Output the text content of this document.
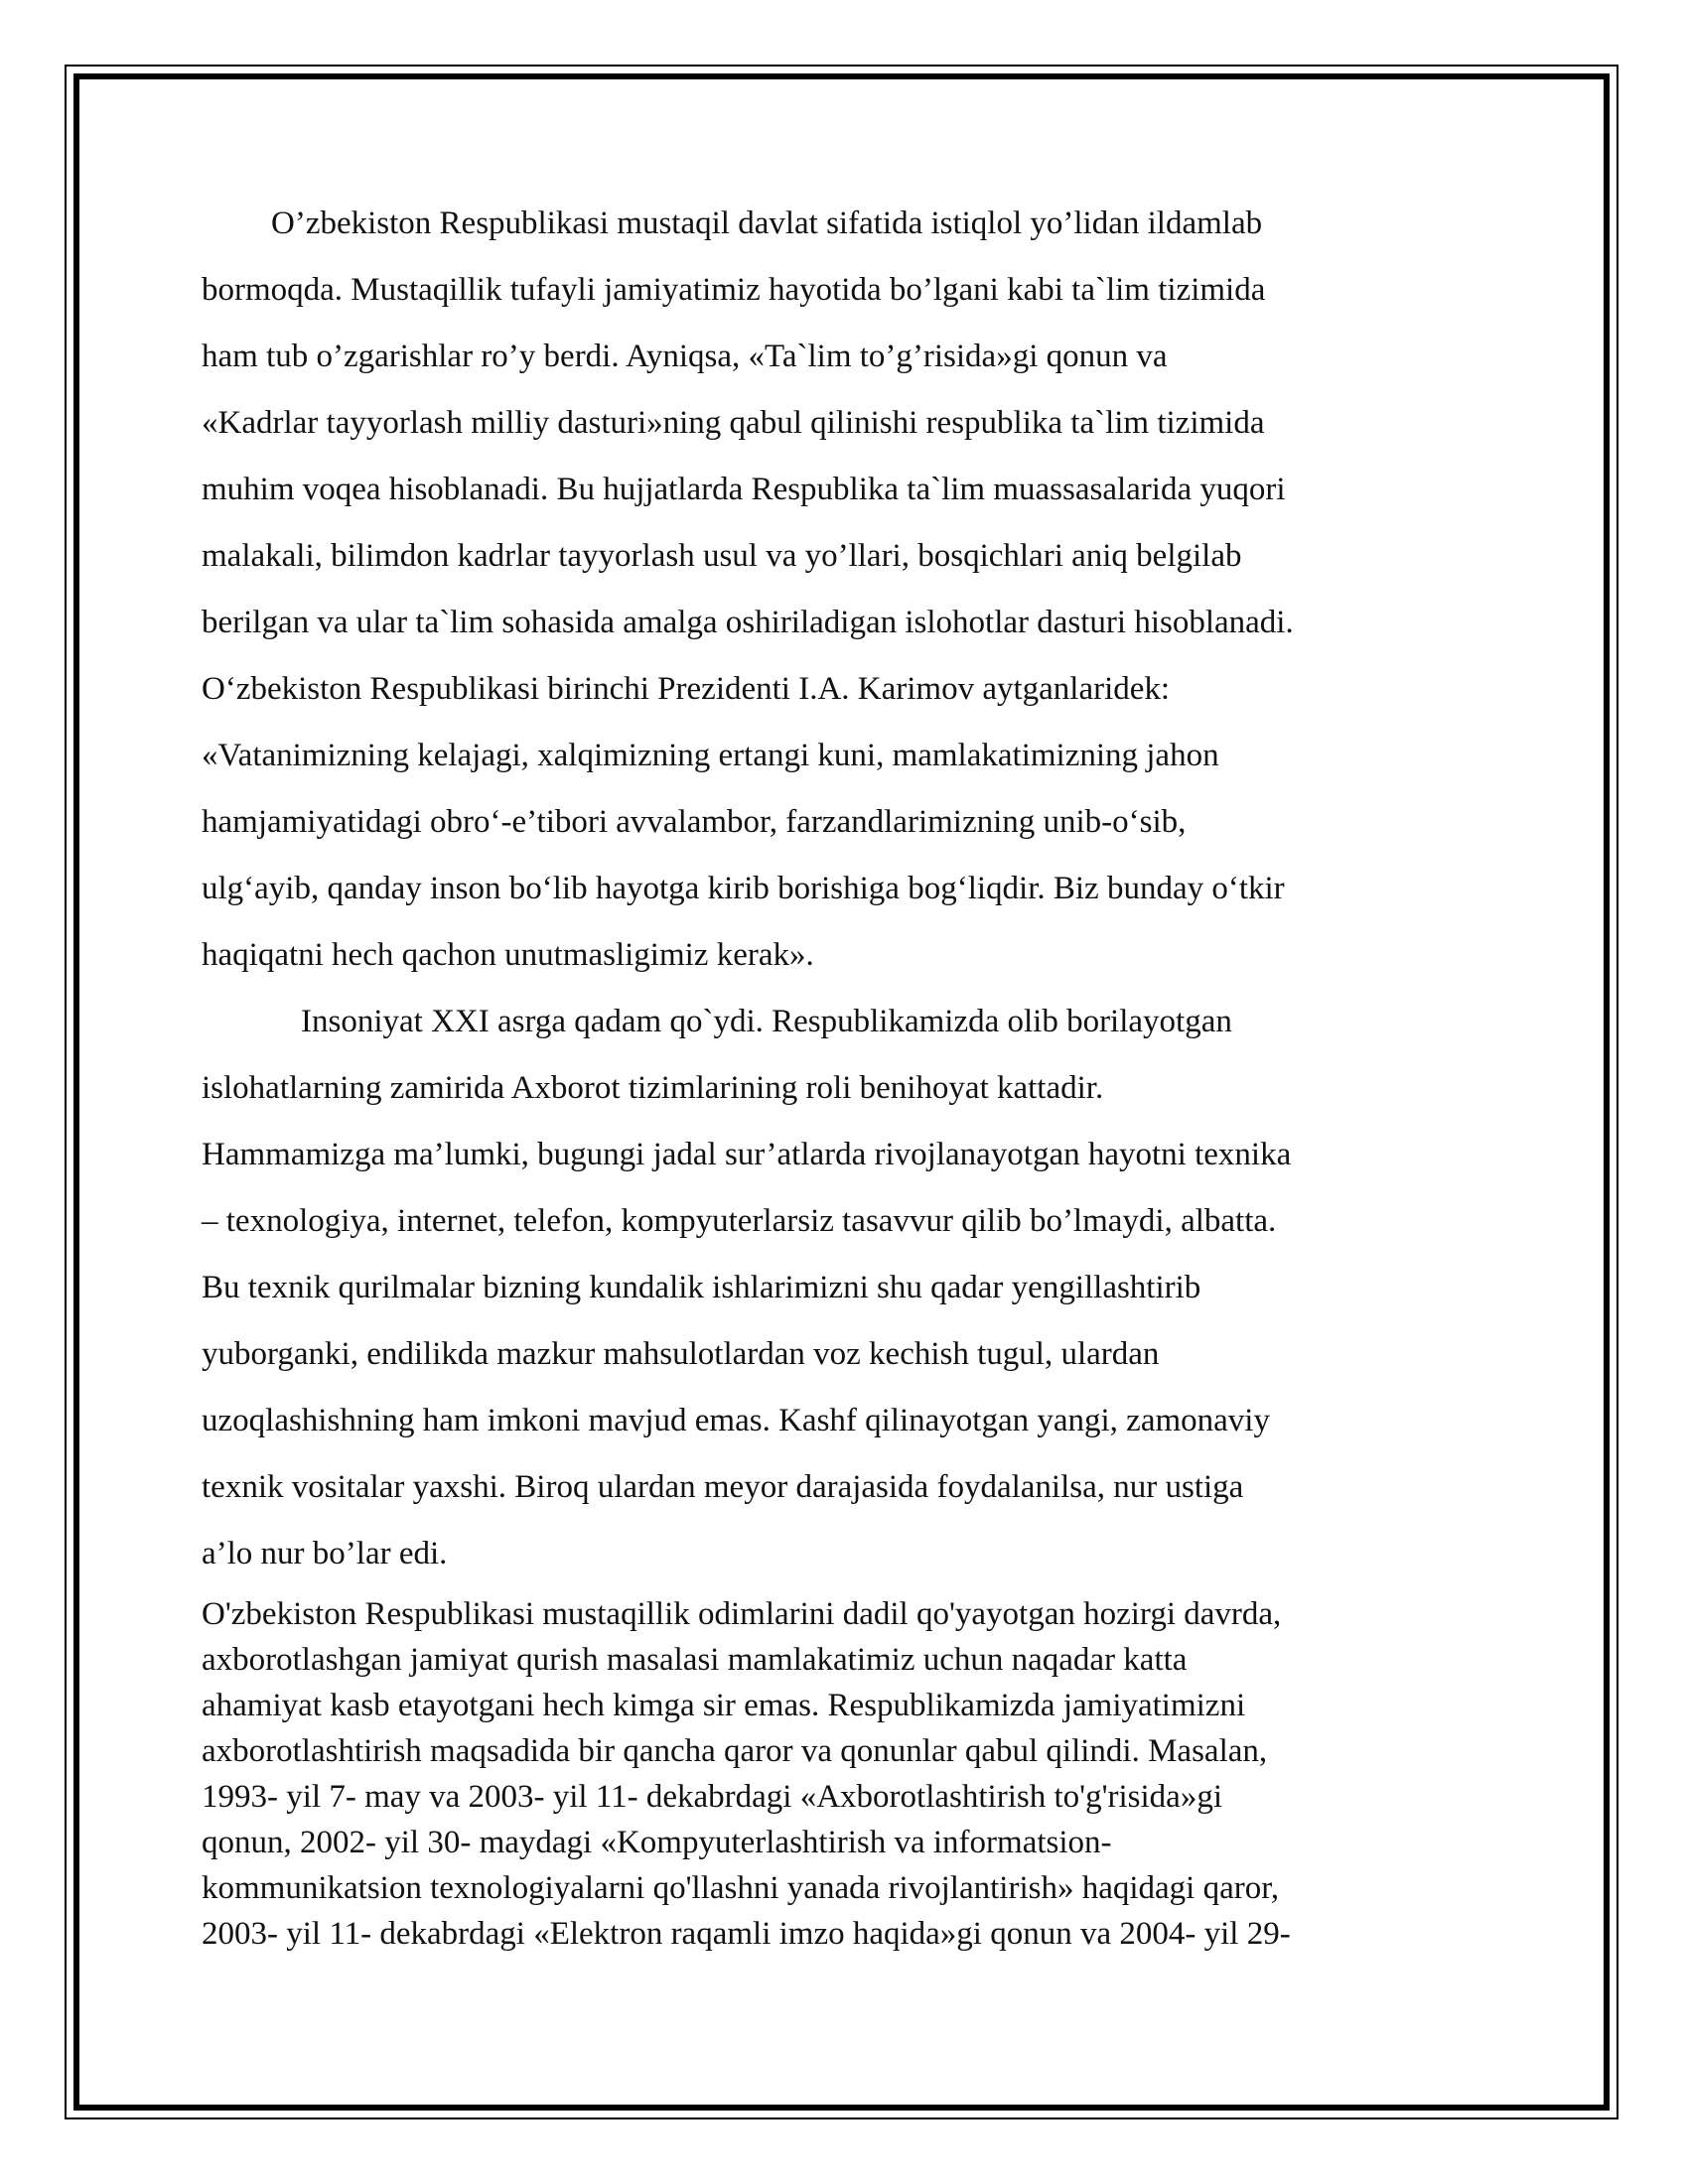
O’zbekiston Respublikasi mustaqil davlat sifatida istiqlol yo’lidan ildamlab
bormoqda. Mustaqillik tufayli jamiyatimiz hayotida bo’lgani kabi ta`lim tizimida
ham tub o’zgarishlar ro’y berdi. Ayniqsa, «Ta`lim to’g’risida»gi qonun va
«Kadrlar tayyorlash milliy dasturi»ning qabul qilinishi respublika ta`lim tizimida
muhim voqea hisoblanadi. Bu hujjatlarda Respublika ta`lim muassasalarida yuqori
malakali, bilimdon kadrlar tayyorlash usul va yo’llari, bosqichlari aniq belgilab
berilgan va ular ta`lim sohasida amalga oshiriladigan islohotlar dasturi hisoblanadi.
O‘zbekiston Respublikasi birinchi Prezidenti I.A. Karimov aytganlaridek:
«Vatanimizning kelajagi, xalqimizning ertangi kuni, mamlakatimizning jahon
hamjamiyatidagi obro‘-e’tibori avvalambor, farzandlarimizning unib-o‘sib,
ulg‘ayib, qanday inson bo‘lib hayotga kirib borishiga bog‘liqdir. Biz bunday o‘tkir
haqiqatni hech qachon unutmasligimiz kerak».
Insoniyat XXI asrga qadam qo`ydi. Respublikamizda olib borilayotgan
islohatlarning zamirida Axborot tizimlarining roli benihoyat kattadir.
Hammamizga ma’lumki, bugungi jadal sur’atlarda rivojlanayotgan hayotni texnika
– texnologiya, internet, telefon, kompyuterlarsiz tasavvur qilib bo’lmaydi, albatta.
Bu texnik qurilmalar bizning kundalik ishlarimizni shu qadar yengillashtirib
yuborganki, endilikda mazkur mahsulotlardan voz kechish tugul, ulardan
uzoqlashishning ham imkoni mavjud emas. Kashf qilinayotgan yangi, zamonaviy
texnik vositalar yaxshi. Biroq ulardan meyor darajasida foydalanilsa, nur ustiga
a’lo nur bo’lar edi.
O'zbekiston Respublikasi mustaqillik odimlarini dadil qo'yayotgan hozirgi davrda,
axborotlashgan jamiyat qurish masalasi mamlakatimiz uchun naqadar katta
ahamiyat kasb etayotgani hech kimga sir emas. Respublikamizda jamiyatimizni
axborotlashtirish maqsadida bir qancha qaror va qonunlar qabul qilindi. Masalan,
1993- yil 7- may va 2003- yil 11- dekabrdagi «Axborotlashtirish to'g'risida»gi
qonun, 2002- yil 30- maydagi «Kompyuterlashtirish va informatsion-
kommunikatsion texnologiyalarni qo'llashni yanada rivojlantirish» haqidagi qaror,
2003- yil 11- dekabrdagi «Elektron raqamli imzo haqida»gi qonun va 2004- yil 29-
